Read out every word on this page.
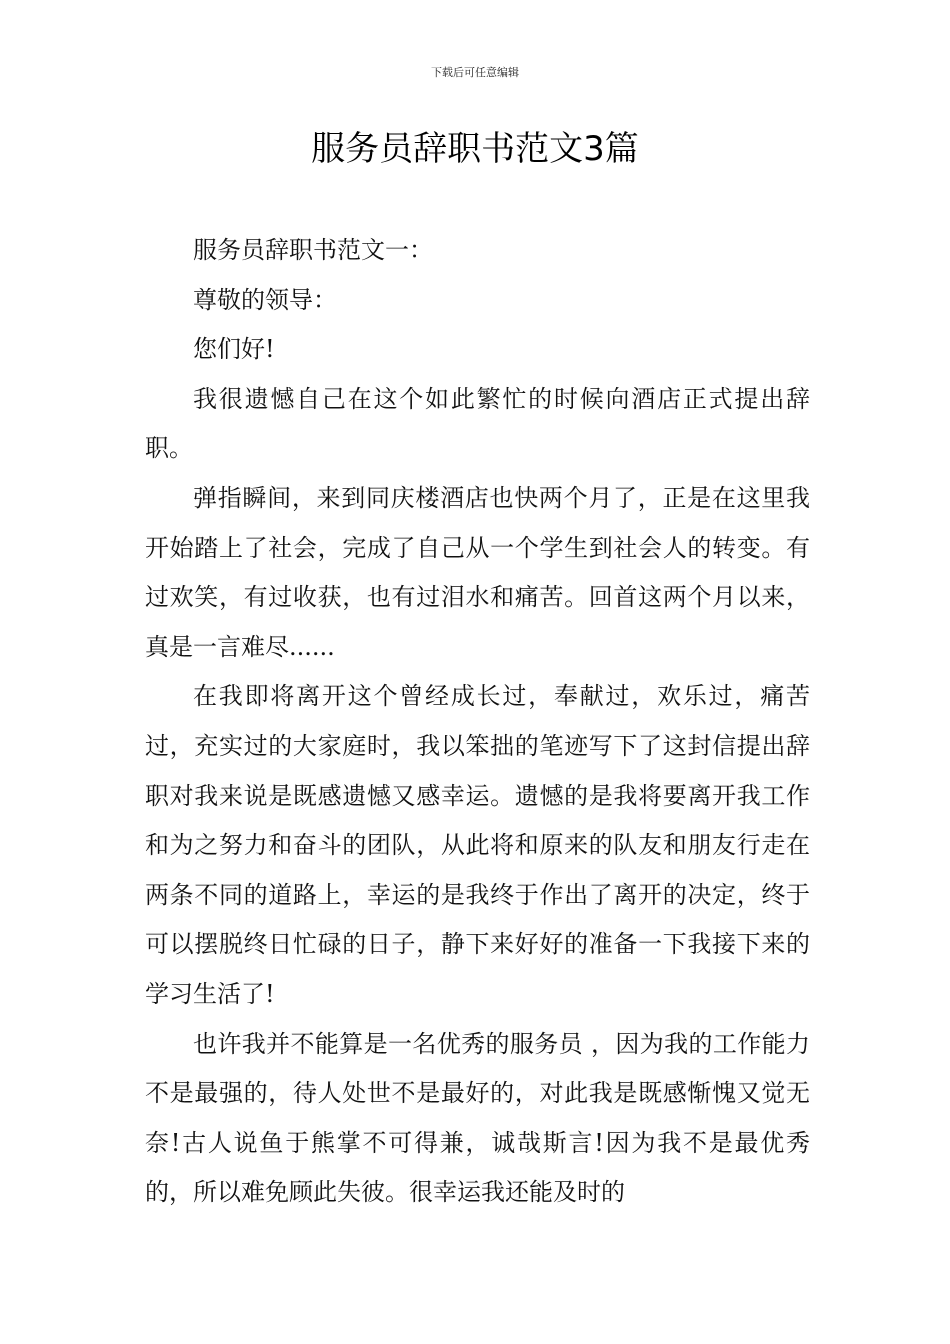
下载后可任意编辑
服务员辞职书范文3篇

服务员辞职书范文一：

尊敬的领导：

您们好!

我很遗憾自己在这个如此繁忙的时候向酒店正式提出辞职。

弹指瞬间，来到同庆楼酒店也快两个月了，正是在这里我开始踏上了社会，完成了自己从一个学生到社会人的转变。有过欢笑，有过收获，也有过泪水和痛苦。回首这两个月以来，真是一言难尽......

在我即将离开这个曾经成长过，奉献过，欢乐过，痛苦过，充实过的大家庭时，我以笨拙的笔迹写下了这封信提出辞职对我来说是既感遗憾又感幸运。遗憾的是我将要离开我工作和为之努力和奋斗的团队，从此将和原来的队友和朋友行走在两条不同的道路上，幸运的是我终于作出了离开的决定，终于可以摆脱终日忙碌的日子，静下来好好的准备一下我接下来的学习生活了!

也许我并不能算是一名优秀的服务员 ，因为我的工作能力不是最强的，待人处世不是最好的，对此我是既感惭愧又觉无奈!古人说鱼于熊掌不可得兼，诚哉斯言!因为我不是最优秀的，所以难免顾此失彼。很幸运我还能及时的
